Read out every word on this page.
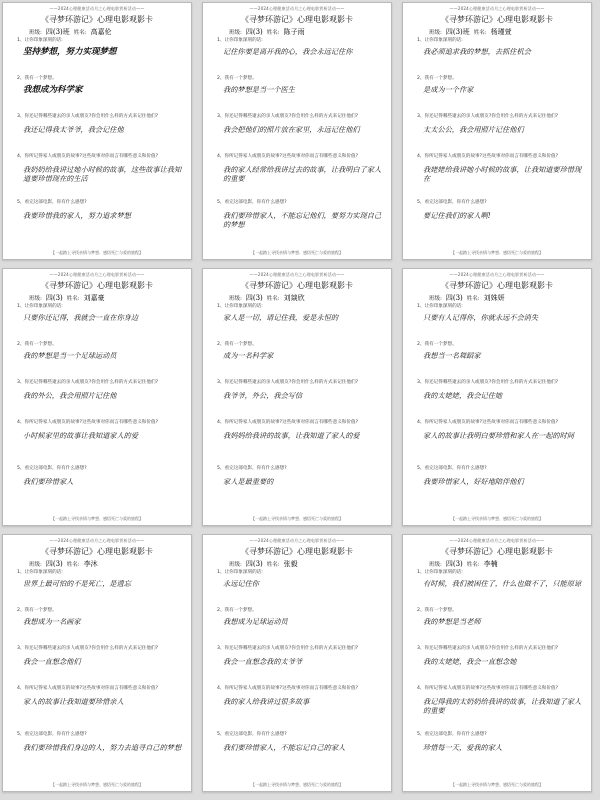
——2024心理健康活动月之心理电影赏析活动——
《寻梦环游记》心理电影观影卡
班级: 四(3)班 姓名: 高嘉伦
1、让你印象深刻的话:
2、我有一个梦想。
3、你还记得哪些逝去的亲人或朋友?你会用什么样的方式来记住他们?
4、你所记得家人或朋友的故事?这些故事对你而言有哪些意义和价值?
5、看完这部电影，你有什么感想?
坚持梦想，努力实现梦想
我想成为科学家
我还记得我太爷爷，我会记住他
我奶奶给我讲过她小时候的故事，这些故事让我知道要珍惜现在的生活
我要珍惜我的家人，努力追求梦想
【一起踏上寻找亲情与梦想、感悟死亡与爱的旅程】
——2024心理健康活动月之心理电影赏析活动——
《寻梦环游记》心理电影观影卡
班级: 四(3) 姓名: 陈子雨
1、让你印象深刻的话:
2、我有一个梦想。
3、你还记得哪些逝去的亲人或朋友?你会用什么样的方式来记住他们?
4、你所记得家人或朋友的故事?这些故事对你而言有哪些意义和价值?
5、看完这部电影，你有什么感想?
记住你要是离开我的心，我会永远记住你
我的梦想是当一个医生
我会把他们的照片放在家里，永远记住他们
我的家人经常给我讲过去的故事，让我明白了家人的重要
我们要珍惜家人，不能忘记他们，要努力实现自己的梦想
【一起踏上寻找亲情与梦想、感悟死亡与爱的旅程】
——2024心理健康活动月之心理电影赏析活动——
《寻梦环游记》心理电影观影卡
班级: 四(3)班 姓名: 杨瑾萱
1、让你印象深刻的话:
2、我有一个梦想。
3、你还记得哪些逝去的亲人或朋友?你会用什么样的方式来记住他们?
4、你所记得家人或朋友的故事?这些故事对你而言有哪些意义和价值?
5、看完这部电影，你有什么感想?
我必须追求我的梦想，去抓住机会
是成为一个作家
太太公公，我会用照片记住他们
我姥姥给我讲她小时候的故事，让我知道要珍惜现在
要记住我们的家人啊!
【一起踏上寻找亲情与梦想、感悟死亡与爱的旅程】
——2024心理健康活动月之心理电影赏析活动——
《寻梦环游记》心理电影观影卡
班级: 四(3) 姓名: 刘嘉豪
1、让你印象深刻的话:
2、我有一个梦想。
3、你还记得哪些逝去的亲人或朋友?你会用什么样的方式来记住他们?
4、你所记得家人或朋友的故事?这些故事对你而言有哪些意义和价值?
5、看完这部电影，你有什么感想?
只要你还记得，我就会一直在你身边
我的梦想是当一个足球运动员
我的外公，我会用照片记住他
小时候家里的故事让我知道家人的爱
我们要珍惜家人
【一起踏上寻找亲情与梦想、感悟死亡与爱的旅程】
——2024心理健康活动月之心理电影赏析活动——
《寻梦环游记》心理电影观影卡
班级: 四(3) 姓名: 刘燚欣
1、让你印象深刻的话:
2、我有一个梦想。
3、你还记得哪些逝去的亲人或朋友?你会用什么样的方式来记住他们?
4、你所记得家人或朋友的故事?这些故事对你而言有哪些意义和价值?
5、看完这部电影，你有什么感想?
家人是一切，请记住我，爱是永恒的
成为一名科学家
我爷爷，外公，我会写信
我妈妈给我讲的故事，让我知道了家人的爱
家人是最重要的
【一起踏上寻找亲情与梦想、感悟死亡与爱的旅程】
——2024心理健康活动月之心理电影赏析活动——
《寻梦环游记》心理电影观影卡
班级: 四(3) 姓名: 刘姝妍
1、让你印象深刻的话:
2、我有一个梦想。
3、你还记得哪些逝去的亲人或朋友?你会用什么样的方式来记住他们?
4、你所记得家人或朋友的故事?这些故事对你而言有哪些意义和价值?
5、看完这部电影，你有什么感想?
只要有人记得你，你就永远不会消失
我想当一名舞蹈家
我的太姥姥，我会记住她
家人的故事让我明白要珍惜和家人在一起的时间
我要珍惜家人，好好地陪伴他们
【一起踏上寻找亲情与梦想、感悟死亡与爱的旅程】
——2024心理健康活动月之心理电影赏析活动——
《寻梦环游记》心理电影观影卡
班级: 四(3) 姓名: 李沐
1、让你印象深刻的话:
2、我有一个梦想。
3、你还记得哪些逝去的亲人或朋友?你会用什么样的方式来记住他们?
4、你所记得家人或朋友的故事?这些故事对你而言有哪些意义和价值?
5、看完这部电影，你有什么感想?
世界上最可怕的不是死亡，是遗忘
我想成为一名画家
我会一直想念他们
家人的故事让我知道要珍惜亲人
我们要珍惜我们身边的人，努力去追寻自己的梦想
【一起踏上寻找亲情与梦想、感悟死亡与爱的旅程】
——2024心理健康活动月之心理电影赏析活动——
《寻梦环游记》心理电影观影卡
班级: 四(3) 姓名: 张毅
1、让你印象深刻的话:
2、我有一个梦想。
3、你还记得哪些逝去的亲人或朋友?你会用什么样的方式来记住他们?
4、你所记得家人或朋友的故事?这些故事对你而言有哪些意义和价值?
5、看完这部电影，你有什么感想?
永远记住你
我想成为足球运动员
我会一直想念我的太爷爷
我的家人给我讲过很多故事
我们要珍惜家人，不能忘记自己的家人
【一起踏上寻找亲情与梦想、感悟死亡与爱的旅程】
——2024心理健康活动月之心理电影赏析活动——
《寻梦环游记》心理电影观影卡
班级: 四(3) 姓名: 李楠
1、让你印象深刻的话:
2、我有一个梦想。
3、你还记得哪些逝去的亲人或朋友?你会用什么样的方式来记住他们?
4、你所记得家人或朋友的故事?这些故事对你而言有哪些意义和价值?
5、看完这部电影，你有什么感想?
有时候，我们被困住了，什么也做不了，只能原谅
我的梦想是当老师
我的太姥姥，我会一直想念她
我记得我的太奶奶给我讲的故事，让我知道了家人的重要
珍惜每一天，爱我的家人
【一起踏上寻找亲情与梦想、感悟死亡与爱的旅程】
